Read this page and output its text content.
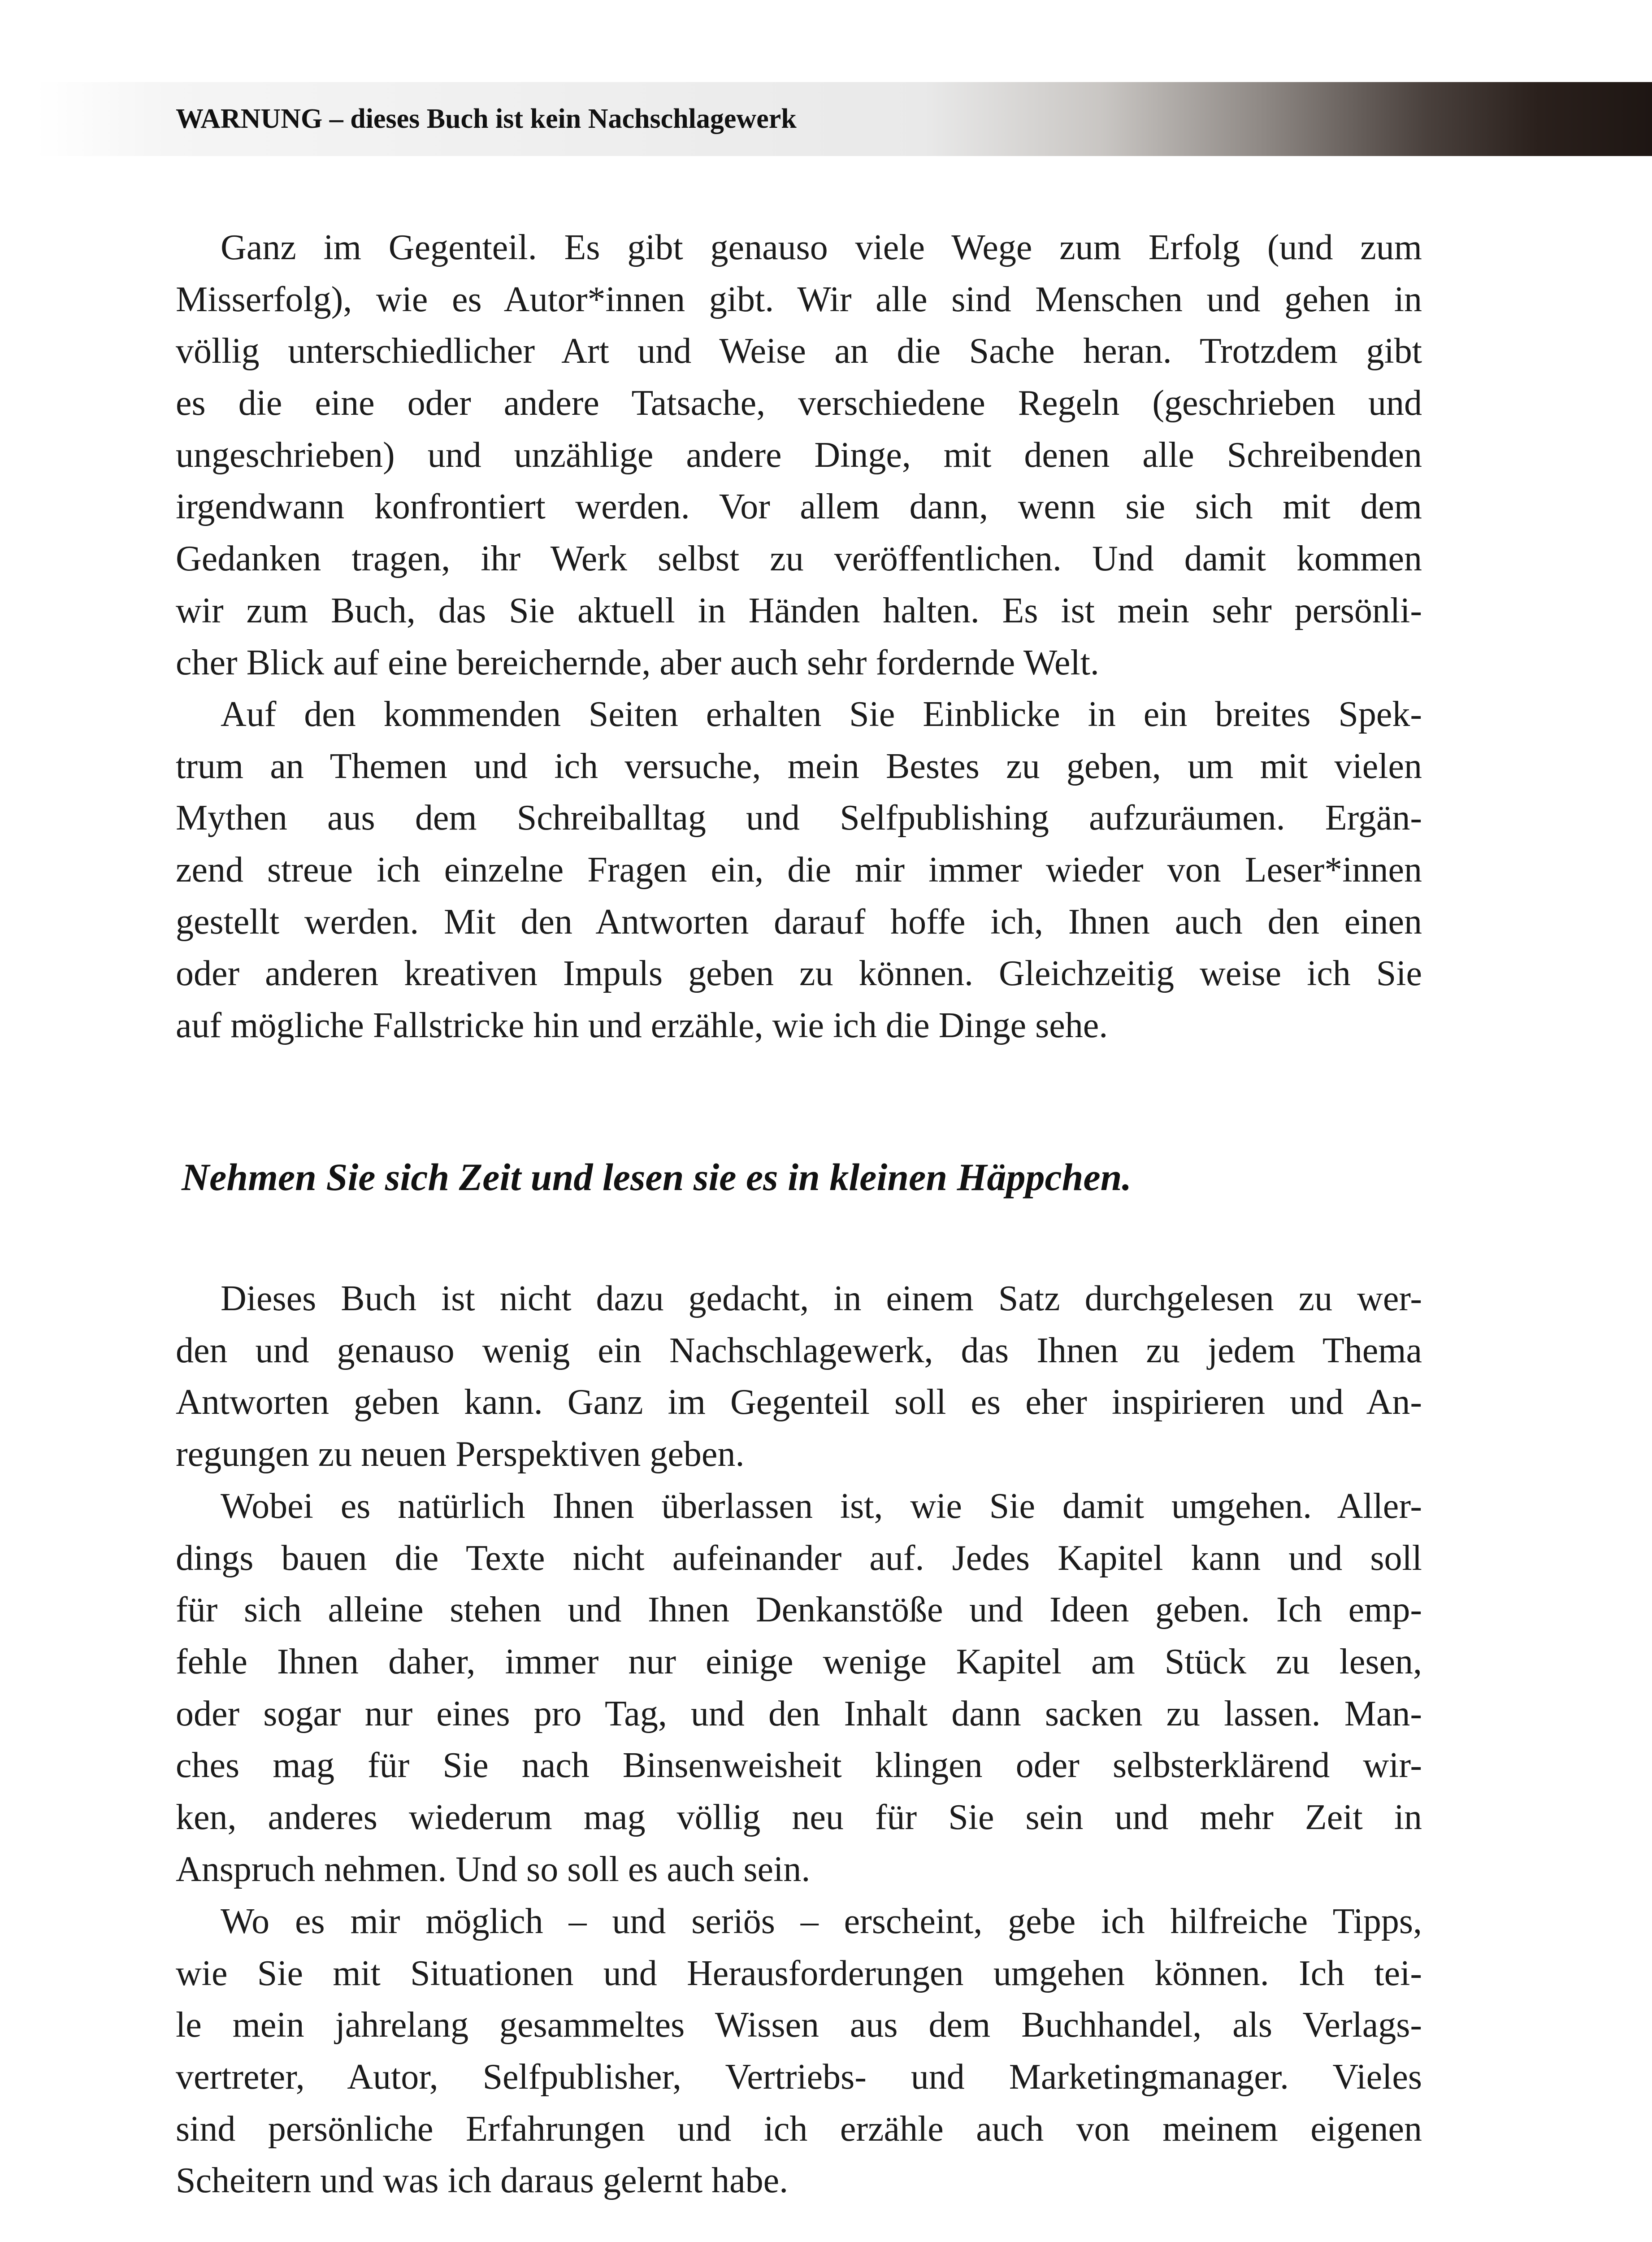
WARNUNG – dieses Buch ist kein Nachschlagewerk
Ganz im Gegenteil. Es gibt genauso viele Wege zum Erfolg (und zum
Misserfolg), wie es Autor*innen gibt. Wir alle sind Menschen und gehen in
völlig unterschiedlicher Art und Weise an die Sache heran. Trotzdem gibt
es die eine oder andere Tatsache, verschiedene Regeln (geschrieben und
ungeschrieben) und unzählige andere Dinge, mit denen alle Schreibenden
irgendwann konfrontiert werden. Vor allem dann, wenn sie sich mit dem
Gedanken tragen, ihr Werk selbst zu veröffentlichen. Und damit kommen
wir zum Buch, das Sie aktuell in Händen halten. Es ist mein sehr persönli-
cher Blick auf eine bereichernde, aber auch sehr fordernde Welt.
Auf den kommenden Seiten erhalten Sie Einblicke in ein breites Spek-
trum an Themen und ich versuche, mein Bestes zu geben, um mit vielen
Mythen aus dem Schreiballtag und Selfpublishing aufzuräumen. Ergän-
zend streue ich einzelne Fragen ein, die mir immer wieder von Leser*innen
gestellt werden. Mit den Antworten darauf hoffe ich, Ihnen auch den einen
oder anderen kreativen Impuls geben zu können. Gleichzeitig weise ich Sie
auf mögliche Fallstricke hin und erzähle, wie ich die Dinge sehe.
Nehmen Sie sich Zeit und lesen sie es in kleinen Häppchen.
Dieses Buch ist nicht dazu gedacht, in einem Satz durchgelesen zu wer-
den und genauso wenig ein Nachschlagewerk, das Ihnen zu jedem Thema
Antworten geben kann. Ganz im Gegenteil soll es eher inspirieren und An-
regungen zu neuen Perspektiven geben.
Wobei es natürlich Ihnen überlassen ist, wie Sie damit umgehen. Aller-
dings bauen die Texte nicht aufeinander auf. Jedes Kapitel kann und soll
für sich alleine stehen und Ihnen Denkanstöße und Ideen geben. Ich emp-
fehle Ihnen daher, immer nur einige wenige Kapitel am Stück zu lesen,
oder sogar nur eines pro Tag, und den Inhalt dann sacken zu lassen. Man-
ches mag für Sie nach Binsenweisheit klingen oder selbsterklärend wir-
ken, anderes wiederum mag völlig neu für Sie sein und mehr Zeit in
Anspruch nehmen. Und so soll es auch sein.
Wo es mir möglich – und seriös – erscheint, gebe ich hilfreiche Tipps,
wie Sie mit Situationen und Herausforderungen umgehen können. Ich tei-
le mein jahrelang gesammeltes Wissen aus dem Buchhandel, als Verlags-
vertreter, Autor, Selfpublisher, Vertriebs- und Marketingmanager. Vieles
sind persönliche Erfahrungen und ich erzähle auch von meinem eigenen
Scheitern und was ich daraus gelernt habe.
